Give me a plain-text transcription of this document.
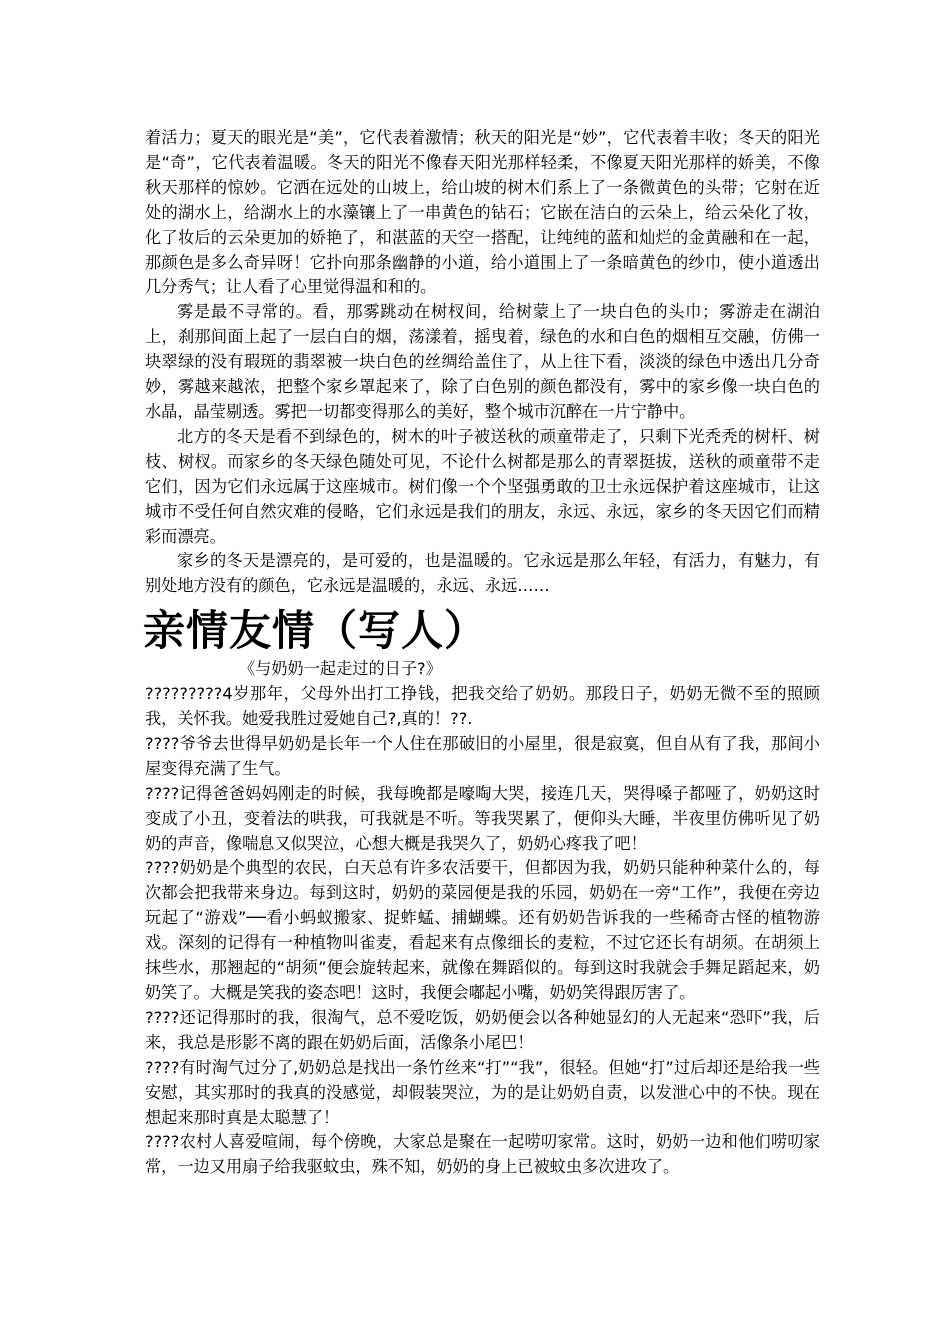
着活力；夏天的眼光是“美”，它代表着激情；秋天的阳光是“妙”，它代表着丰收；冬天的阳光是“奇”，它代表着温暖。冬天的阳光不像春天阳光那样轻柔，不像夏天阳光那样的娇美，不像秋天那样的惊妙。它洒在远处的山坡上，给山坡的树木们系上了一条微黄色的头带；它射在近处的湖水上，给湖水上的水藻镶上了一串黄色的钻石；它嵌在洁白的云朵上，给云朵化了妆，化了妆后的云朵更加的娇艳了，和湛蓝的天空一搭配，让纯纯的蓝和灿烂的金黄融和在一起，那颜色是多么奇异呀！它扑向那条幽静的小道，给小道围上了一条暗黄色的纱巾，使小道透出几分秀气；让人看了心里觉得温和和的。

雾是最不寻常的。看，那雾跳动在树杈间，给树蒙上了一块白色的头巾；雾游走在湖泊上，刹那间面上起了一层白白的烟，荡漾着，摇曳着，绿色的水和白色的烟相互交融，仿佛一块翠绿的没有瑕斑的翡翠被一块白色的丝绸给盖住了，从上往下看，淡淡的绿色中透出几分奇妙，雾越来越浓，把整个家乡罩起来了，除了白色别的颜色都没有，雾中的家乡像一块白色的水晶，晶莹剔透。雾把一切都变得那么的美好，整个城市沉醉在一片宁静中。

北方的冬天是看不到绿色的，树木的叶子被送秋的顽童带走了，只剩下光秃秃的树杆、树枝、树杈。而家乡的冬天绿色随处可见，不论什么树都是那么的青翠挺拔，送秋的顽童带不走它们，因为它们永远属于这座城市。树们像一个个坚强勇敢的卫士永远保护着这座城市，让这城市不受任何自然灾难的侵略，它们永远是我们的朋友，永远、永远，家乡的冬天因它们而精彩而漂亮。

家乡的冬天是漂亮的，是可爱的，也是温暖的。它永远是那么年轻，有活力，有魅力，有别处地方没有的颜色，它永远是温暖的，永远、永远……

亲情友情（写人）
《与奶奶一起走过的日子?》

?????????4岁那年，父母外出打工挣钱，把我交给了奶奶。那段日子，奶奶无微不至的照顾我，关怀我。她爱我胜过爱她自己?,真的！??.

????爷爷去世得早奶奶是长年一个人住在那破旧的小屋里，很是寂寞，但自从有了我，那间小屋变得充满了生气。

????记得爸爸妈妈刚走的时候，我每晚都是嚎啕大哭，接连几天，哭得嗓子都哑了，奶奶这时变成了小丑，变着法的哄我，可我就是不听。等我哭累了，便仰头大睡，半夜里仿佛听见了奶奶的声音，像喘息又似哭泣，心想大概是我哭久了，奶奶心疼我了吧！

????奶奶是个典型的农民，白天总有许多农活要干，但都因为我，奶奶只能种种菜什么的，每次都会把我带来身边。每到这时，奶奶的菜园便是我的乐园，奶奶在一旁“工作”，我便在旁边玩起了“游戏”──看小蚂蚁搬家、捉蚱蜢、捕蝴蝶。还有奶奶告诉我的一些稀奇古怪的植物游戏。深刻的记得有一种植物叫雀麦，看起来有点像细长的麦粒，不过它还长有胡须。在胡须上抹些水，那翘起的“胡须”便会旋转起来，就像在舞蹈似的。每到这时我就会手舞足蹈起来，奶奶笑了。大概是笑我的姿态吧！这时，我便会嘟起小嘴，奶奶笑得跟厉害了。

????还记得那时的我，很淘气，总不爱吃饭，奶奶便会以各种她显幻的人无起来“恐吓”我，后来，我总是形影不离的跟在奶奶后面，活像条小尾巴！

????有时淘气过分了,奶奶总是找出一条竹丝来“打”“我”，很轻。但她“打”过后却还是给我一些安慰，其实那时的我真的没感觉，却假装哭泣，为的是让奶奶自责，以发泄心中的不快。现在想起来那时真是太聪慧了！

????农村人喜爱喧闹，每个傍晚，大家总是聚在一起唠叨家常。这时，奶奶一边和他们唠叨家常，一边又用扇子给我驱蚊虫，殊不知，奶奶的身上已被蚊虫多次进攻了。
